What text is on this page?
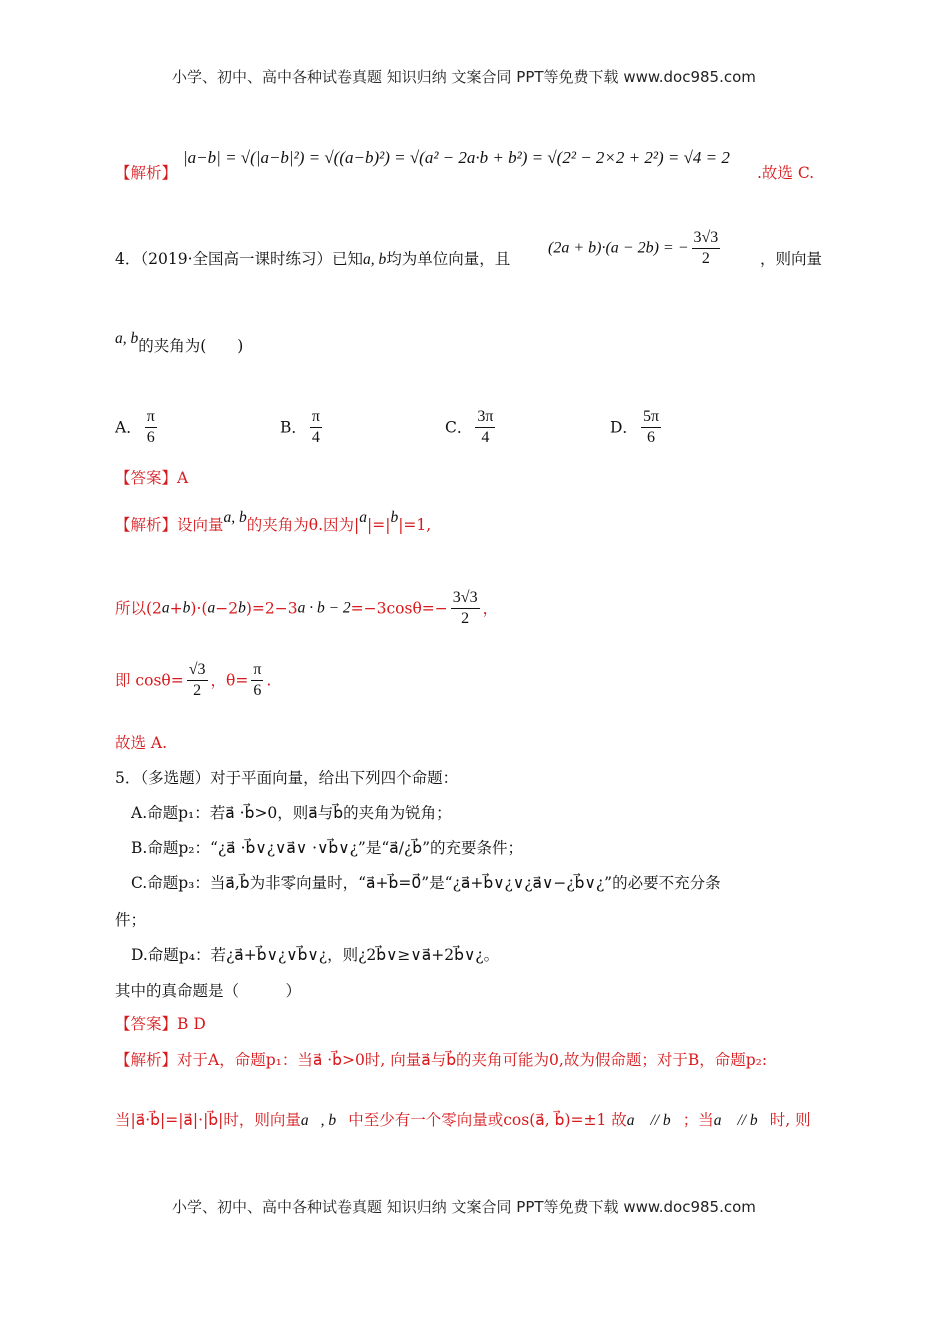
小学、初中、高中各种试卷真题 知识归纳 文案合同 PPT等免费下载 www.doc985.com
【解析】
|a−b| = √(|a−b|²) = √((a−b)²) = √(a² − 2a·b + b²) = √(2² − 2×2 + 2²) = √4 = 2
.故选 C.
4．（2019·全国高一课时练习）已知a, b均为单位向量，且
(2a + b)·(a − 2b) = − $\frac{3√3}{2}$	，则向量
a, b的夹角为(　　)
A． $\frac{\pi}{6}$	B． $\frac{\pi}{4}$	C． $\frac{3\pi}{4}$	D． $\frac{5\pi}{6}$
【答案】A
【解析】设向量a, b的夹角为θ.因为|a|=|b|=1,
所以$(2a+b)\cdot(a-2b)=2-3a \cdot b - 2=-3\cos\theta=- \frac{3√3}{2}$ ，
即 $\cos\theta= \frac{√3}{2}$ ，$\theta= \frac{\pi}{6}$ .
故选 A.
5．（多选题）对于平面向量，给出下列四个命题：
A.命题p₁：若a⃗ ·b⃗>0，则a⃗与b⃗的夹角为锐角；
B.命题p₂：“¿a⃗ ·b⃗∨¿∨a⃗∨ ·∨b⃗∨¿”是“a⃗/¿b⃗”的充要条件；
C.命题p₃：当a⃗,b⃗为非零向量时，“a⃗+b⃗=0⃗”是“¿a⃗+b⃗∨¿∨¿a⃗∨−¿b⃗∨¿”的必要不充分条
件；
D.命题p₄：若¿a⃗+b⃗∨¿∨b⃗∨¿，则¿2b⃗∨≥∨a⃗+2b⃗∨¿。
其中的真命题是（　　　）
【答案】B D
【解析】对于A，命题p₁：当a⃗ ·b⃗>0时, 向量a⃗与b⃗的夹角可能为0,故为假命题；对于B，命题p₂:
当|a⃗·b⃗|=|a⃗|·|b⃗|时，则向量a⃗, b⃗中至少有一个零向量或cos(a⃗, b⃗)=±1 故a⃗ // b⃗；当a⃗ // b⃗时, 则
小学、初中、高中各种试卷真题 知识归纳 文案合同 PPT等免费下载 www.doc985.com
